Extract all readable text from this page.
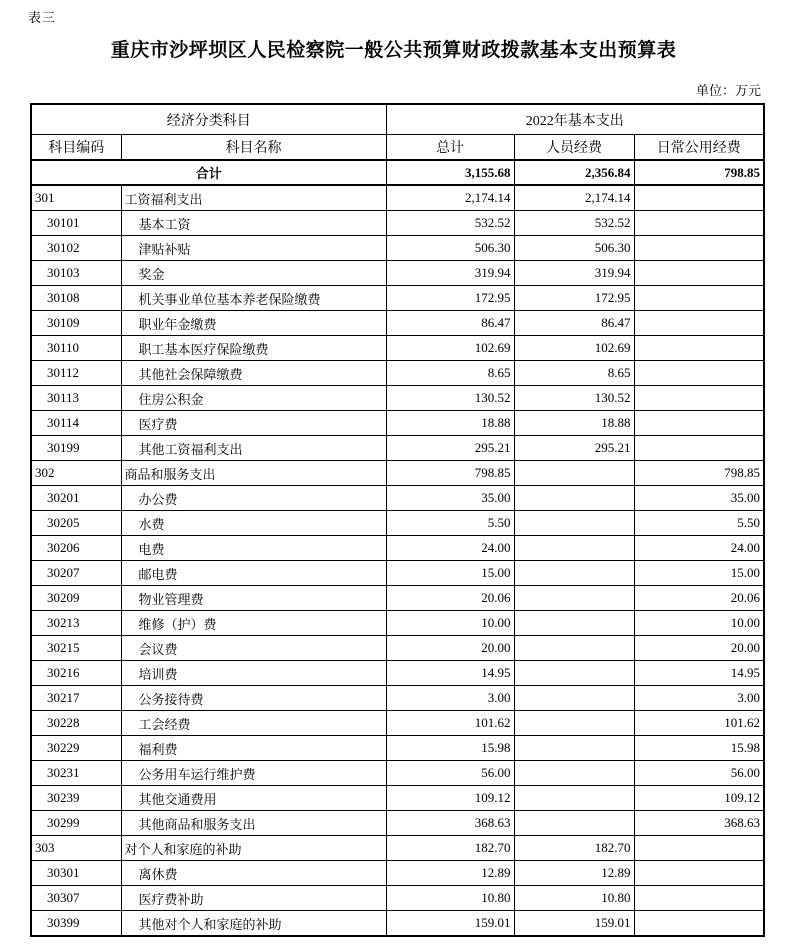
表三
重庆市沙坪坝区人民检察院一般公共预算财政拨款基本支出预算表
单位：万元
经济分类科目		2022年基本支出		
科目编码	科目名称	总计	人员经费	日常公用经费
合计		3,155.68	2,356.84	798.85
301	工资福利支出	2,174.14	2,174.14	
30101	基本工资	532.52	532.52	
30102	津贴补贴	506.30	506.30	
30103	奖金	319.94	319.94	
30108	机关事业单位基本养老保险缴费	172.95	172.95	
30109	职业年金缴费	86.47	86.47	
30110	职工基本医疗保险缴费	102.69	102.69	
30112	其他社会保障缴费	8.65	8.65	
30113	住房公积金	130.52	130.52	
30114	医疗费	18.88	18.88	
30199	其他工资福利支出	295.21	295.21	
302	商品和服务支出	798.85		798.85
30201	办公费	35.00		35.00
30205	水费	5.50		5.50
30206	电费	24.00		24.00
30207	邮电费	15.00		15.00
30209	物业管理费	20.06		20.06
30213	维修（护）费	10.00		10.00
30215	会议费	20.00		20.00
30216	培训费	14.95		14.95
30217	公务接待费	3.00		3.00
30228	工会经费	101.62		101.62
30229	福利费	15.98		15.98
30231	公务用车运行维护费	56.00		56.00
30239	其他交通费用	109.12		109.12
30299	其他商品和服务支出	368.63		368.63
303	对个人和家庭的补助	182.70	182.70	
30301	离休费	12.89	12.89	
30307	医疗费补助	10.80	10.80	
30399	其他对个人和家庭的补助	159.01	159.01	
